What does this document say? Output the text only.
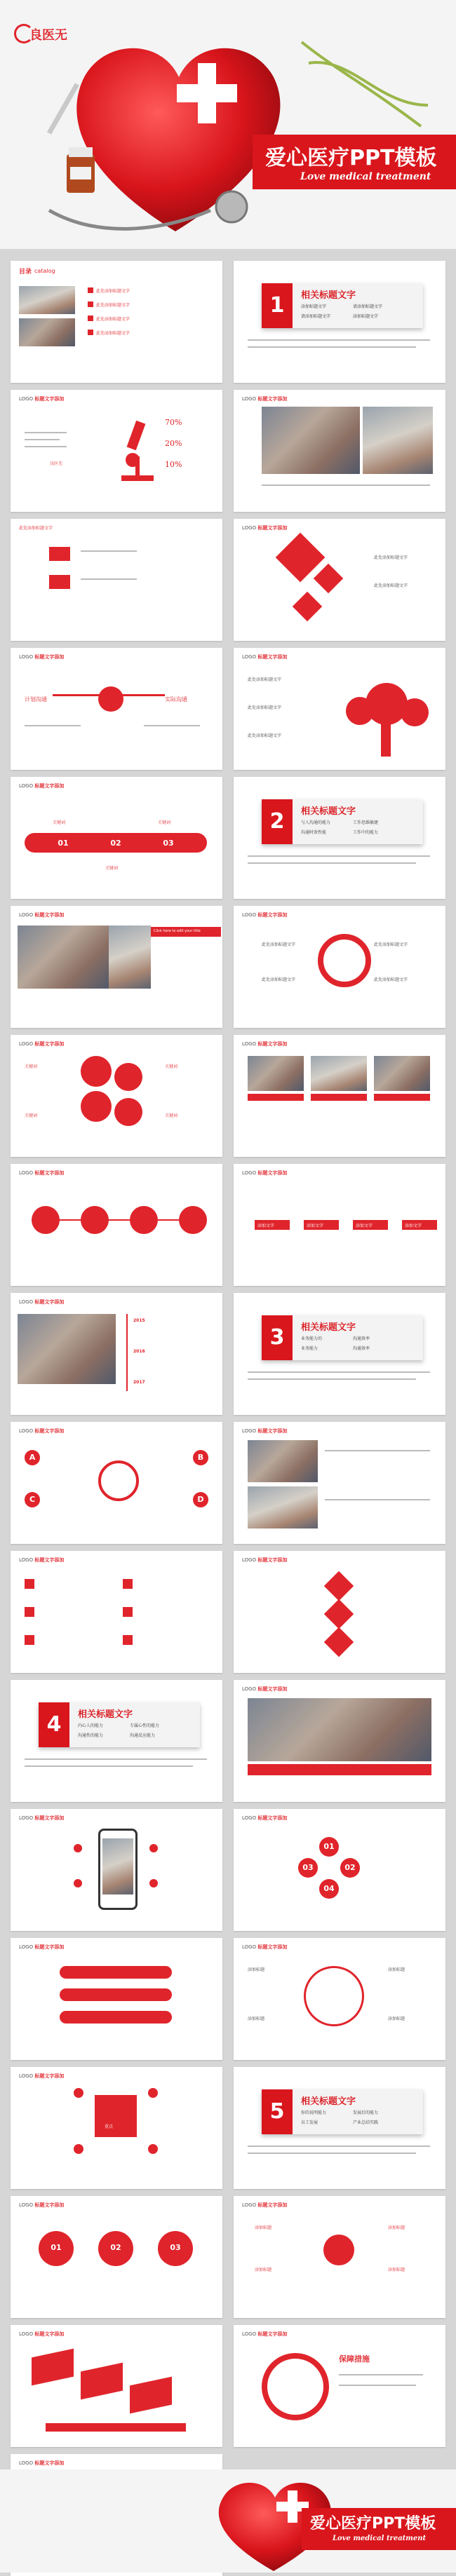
良医无
爱心医疗PPT模板
Love medical treatment
目录 catalog
此处添加标题文字
此处添加标题文字
此处添加标题文字
此处添加标题文字
1	相关标题文字
添加标题文字	请添加标题文字
请添加标题文字	添加标题文字
LOGO 标题文字添加
良医无
70%
20%
10%
LOGO 标题文字添加
此处添加标题文字	LOGO 标题文字添加
此处添加标题文字
此处添加标题文字
LOGO 标题文字添加
计划沟通	实际沟通
LOGO 标题文字添加
此处添加标题文字
此处添加标题文字
此处添加标题文字
LOGO 标题文字添加
01	02	03
关键词
关键词
关键词	2	相关标题文字
与人沟通的能力	工作思维敏捷
沟通时效性能	工作中的能力
LOGO 标题文字添加
Click here to edit your title
LOGO 标题文字添加
此处添加标题文字	此处添加标题文字
此处添加标题文字	此处添加标题文字
LOGO 标题文字添加
关键词	关键词
关键词	关键词
LOGO 标题文字添加
LOGO 标题文字添加	LOGO 标题文字添加
添加文字	添加文字	添加文字	添加文字
LOGO 标题文字添加
2015
2016
2017
3	相关标题文字
业务能力的	沟通效率
业务能力	沟通效率
LOGO 标题文字添加
A	B
C	D
LOGO 标题文字添加
LOGO 标题文字添加	LOGO 标题文字添加
4	相关标题文字
内心人的能力	专属心性的能力
沟通性的能力	沟通反应能力
LOGO 标题文字添加
LOGO 标题文字添加	LOGO 标题文字添加
01
02
03
04
LOGO 标题文字添加	LOGO 标题文字添加
添加标题	添加标题
添加标题	添加标题
LOGO 标题文字添加
重点
5	相关标题文字
你的说明能力	发展后的能力
员工发展	产业总结实践
LOGO 标题文字添加
01	02	03
LOGO 标题文字添加
添加标题
添加标题
添加标题
添加标题
LOGO 标题文字添加	LOGO 标题文字添加
保障措施
LOGO 标题文字添加
爱心医疗PPT模板
Love medical treatment
